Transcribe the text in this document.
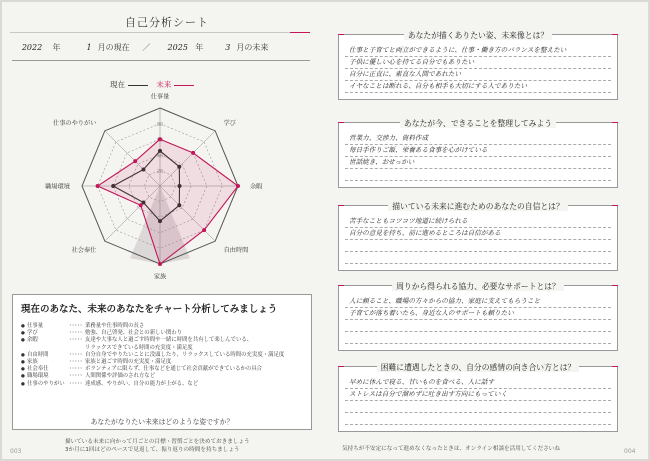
自己分析シート
2022 年	1 月の現在 ／ 2025 年	3 月の未来
現在	未来
80
仕事量
学び
余暇
自由時間
家族
社会奉仕
職場環境
仕事のやりがい
現在のあなた、未来のあなたをチャート分析してみましょう
● 仕事量	･････ 業務量や仕事時間の長さ
● 学び	･････ 勉強、自己啓発、社会との新しい関わり
● 余暇	･････ 友達や大事な人と過ごす時間や一緒に時間を共有して楽しんでいる、
リラックスできている時間の充実度・満足度
● 自由時間	･････ 自分自身でやりたいことに没頭したり、リラックスしている時間の充実度・満足度
● 家族	･････ 家族と過ごす時間の充実度・満足度
● 社会奉仕	･････ ボランティアに限らず、仕事などを通じて社会貢献ができているかの具合
● 職場環境	･････ 人間関係や評価のされ方など
● 仕事のやりがい ･････ 達成感、やりがい、自分の能力が上がる、など
あなたがなりたい未来はどのような姿ですか？
描いている未来に向かって月ごとの目標・習慣ごとを決めておきましょう
3か月に1回はどのペースで見返して、振り返りの時間を持ちましょう
003
あなたが描くありたい姿、未来像とは？
仕事と子育てと両立ができるように、仕事・働き方のバランスを整えたい
子供に優しい心を持てる自分でもありたい
自分に正直に、素直な人間であれたい
イヤなことは断れる、自分も相手も大切にする人でありたい
あなたが今、できることを整理してみよう
営業力、交渉力、資料作成
毎日手作りご飯、栄養ある食事を心がけている
世話焼き、おせっかい
描いている未来に進むためのあなたの自信とは？
苦手なこともコツコツ地道に続けられる
自分の意見を持ち、前に進めるところは自信がある
周りから得られる協力、必要なサポートとは？
人に頼ること、職場の方々からの協力、家庭に支えてもらうこと
子育てが落ち着いたら、身近な人のサポートも頼りたい
困難に遭遇したときの、自分の感情の向き合い方とは？
早めに休んで寝る、甘いものを食べる、人に話す
ストレスは自分で溜めずに吐き出す方向にもっていく
気持ちが不安定になって進めなくなったときは、オンライン相談を活用してくださいね	004
